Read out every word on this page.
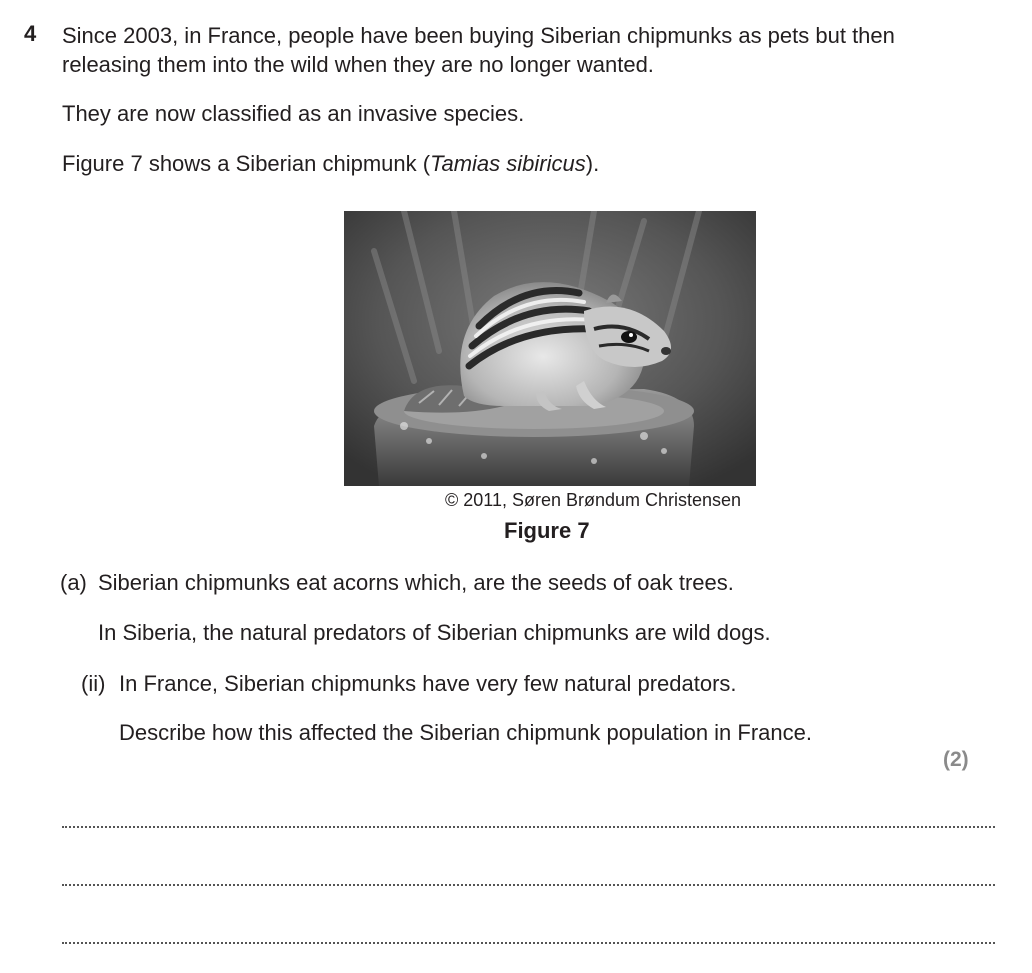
4 Since 2003, in France, people have been buying Siberian chipmunks as pets but then
releasing them into the wild when they are no longer wanted.
They are now classified as an invasive species.
Figure 7 shows a Siberian chipmunk (Tamias sibiricus).
© 2011, Søren Brøndum Christensen
Figure 7
(a) Siberian chipmunks eat acorns which, are the seeds of oak trees.
In Siberia, the natural predators of Siberian chipmunks are wild dogs.
(ii) In France, Siberian chipmunks have very few natural predators.
Describe how this affected the Siberian chipmunk population in France.
(2)
